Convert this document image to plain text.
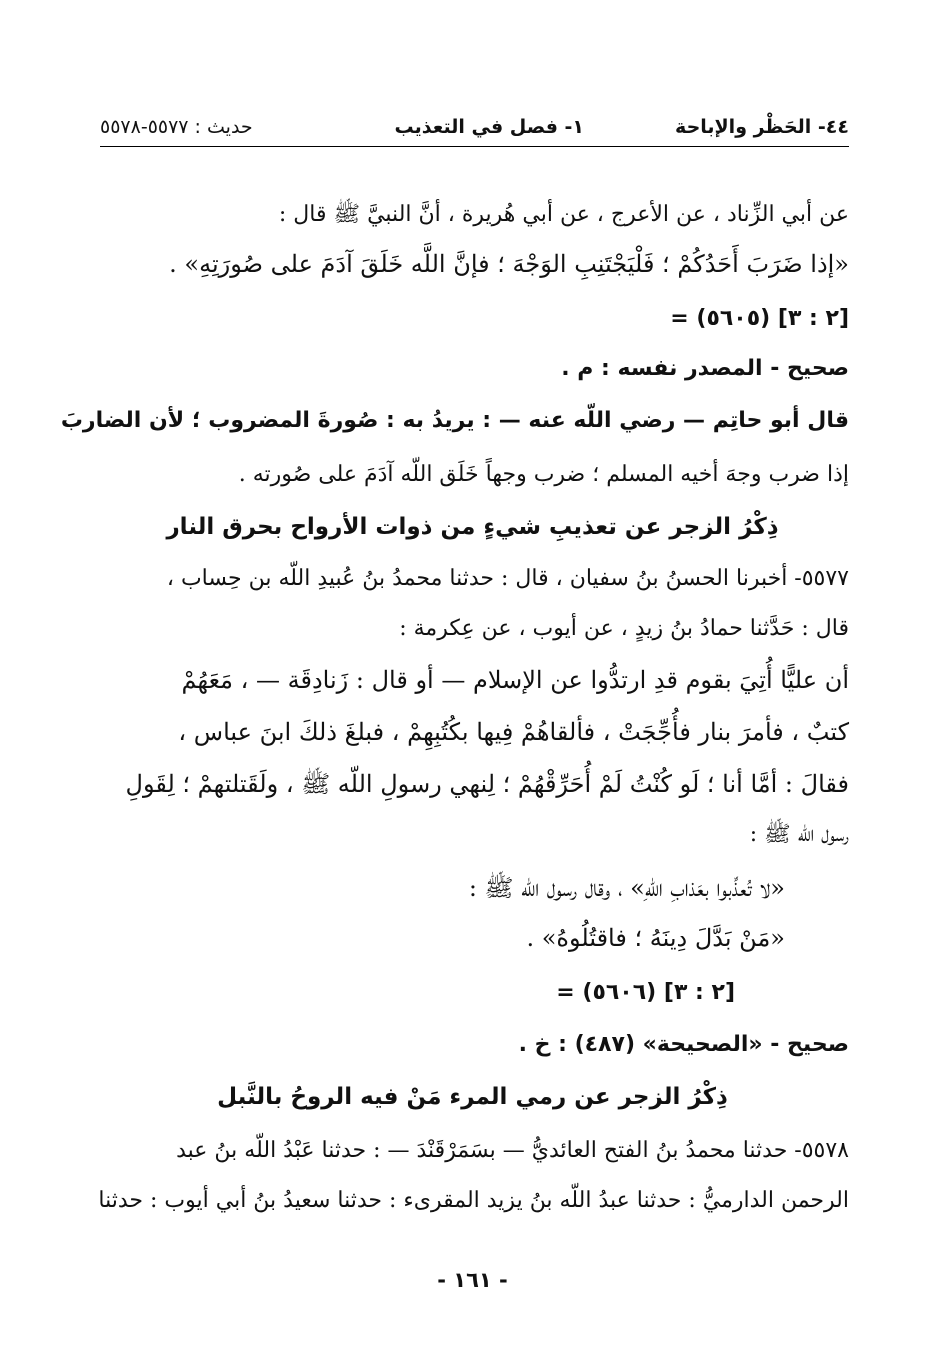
٤٤- الحَظْر والإباحة
١- فصل في التعذيب
حديث : ٥٥٧٧-٥٥٧٨
عن أبي الزِّناد ، عن الأعرج ، عن أبي هُريرة ، أنَّ النبيَّ ﷺ قال :
«إذا ضَرَبَ أَحَدُكُمْ ؛ فَلْيَجْتَنِبِ الوَجْهَ ؛ فإنَّ اللَّه خَلَقَ آدَمَ على صُورَتِهِ» .
= (٥٦٠٥) [٢ : ٣]
صحيح - المصدر نفسه : م .
قال أبو حاتِم — رضي اللّه عنه — : يريدُ به : صُورةَ المضروب ؛ لأن الضاربَ
إذا ضرب وجهَ أخيه المسلم ؛ ضرب وجهاً خَلَق اللّه آدَمَ على صُورته .
ذِكْرُ الزجر عن تعذيبِ شيءٍ من ذوات الأرواح بحرق النار
٥٥٧٧- أخبرنا الحسنُ بنُ سفيان ، قال : حدثنا محمدُ بنُ عُبيدِ اللّه بن حِساب ،
قال : حَدَّثنا حمادُ بنُ زيدٍ ، عن أيوب ، عن عِكرمة :
أن عليًّا أُتِيَ بقوم قدِ ارتدُّوا عن الإسلام — أو قال : زَنادِقَة — ، مَعَهُمْ
كتبٌ ، فأمرَ بنار فأُجِّجَتْ ، فألقاهُمْ فِيها بكُتُبِهِمْ ، فبلغَ ذلكَ ابنَ عباس ،
فقالَ : أمَّا أنا ؛ لَو كُنْتُ لَمْ أُحَرِّقْهُمْ ؛ لِنهي رسولِ اللّه ﷺ ، ولَقَتلتهمْ ؛ لِقَولِ
رسول اللّه ﷺ :
«لا تُعذِّبوا بعَذابِ اللّهِ» ، وقال رسول اللّه ﷺ :
«مَنْ بَدَّلَ دِينَهُ ؛ فاقتُلُوهُ» .
= (٥٦٠٦) [٢ : ٣]
صحيح - «الصحيحة» (٤٨٧) : خ .
ذِكْرُ الزجر عن رمي المرء مَنْ فيه الروحُ بالنَّبل
٥٥٧٨- حدثنا محمدُ بنُ الفتح العائديُّ — بسَمَرْقَنْدَ — : حدثنا عَبْدُ اللّه بنُ عبد
الرحمن الدارميُّ : حدثنا عبدُ اللّه بنُ يزيد المقرىء : حدثنا سعيدُ بنُ أبي أيوب : حدثنا
- ١٦١ -
